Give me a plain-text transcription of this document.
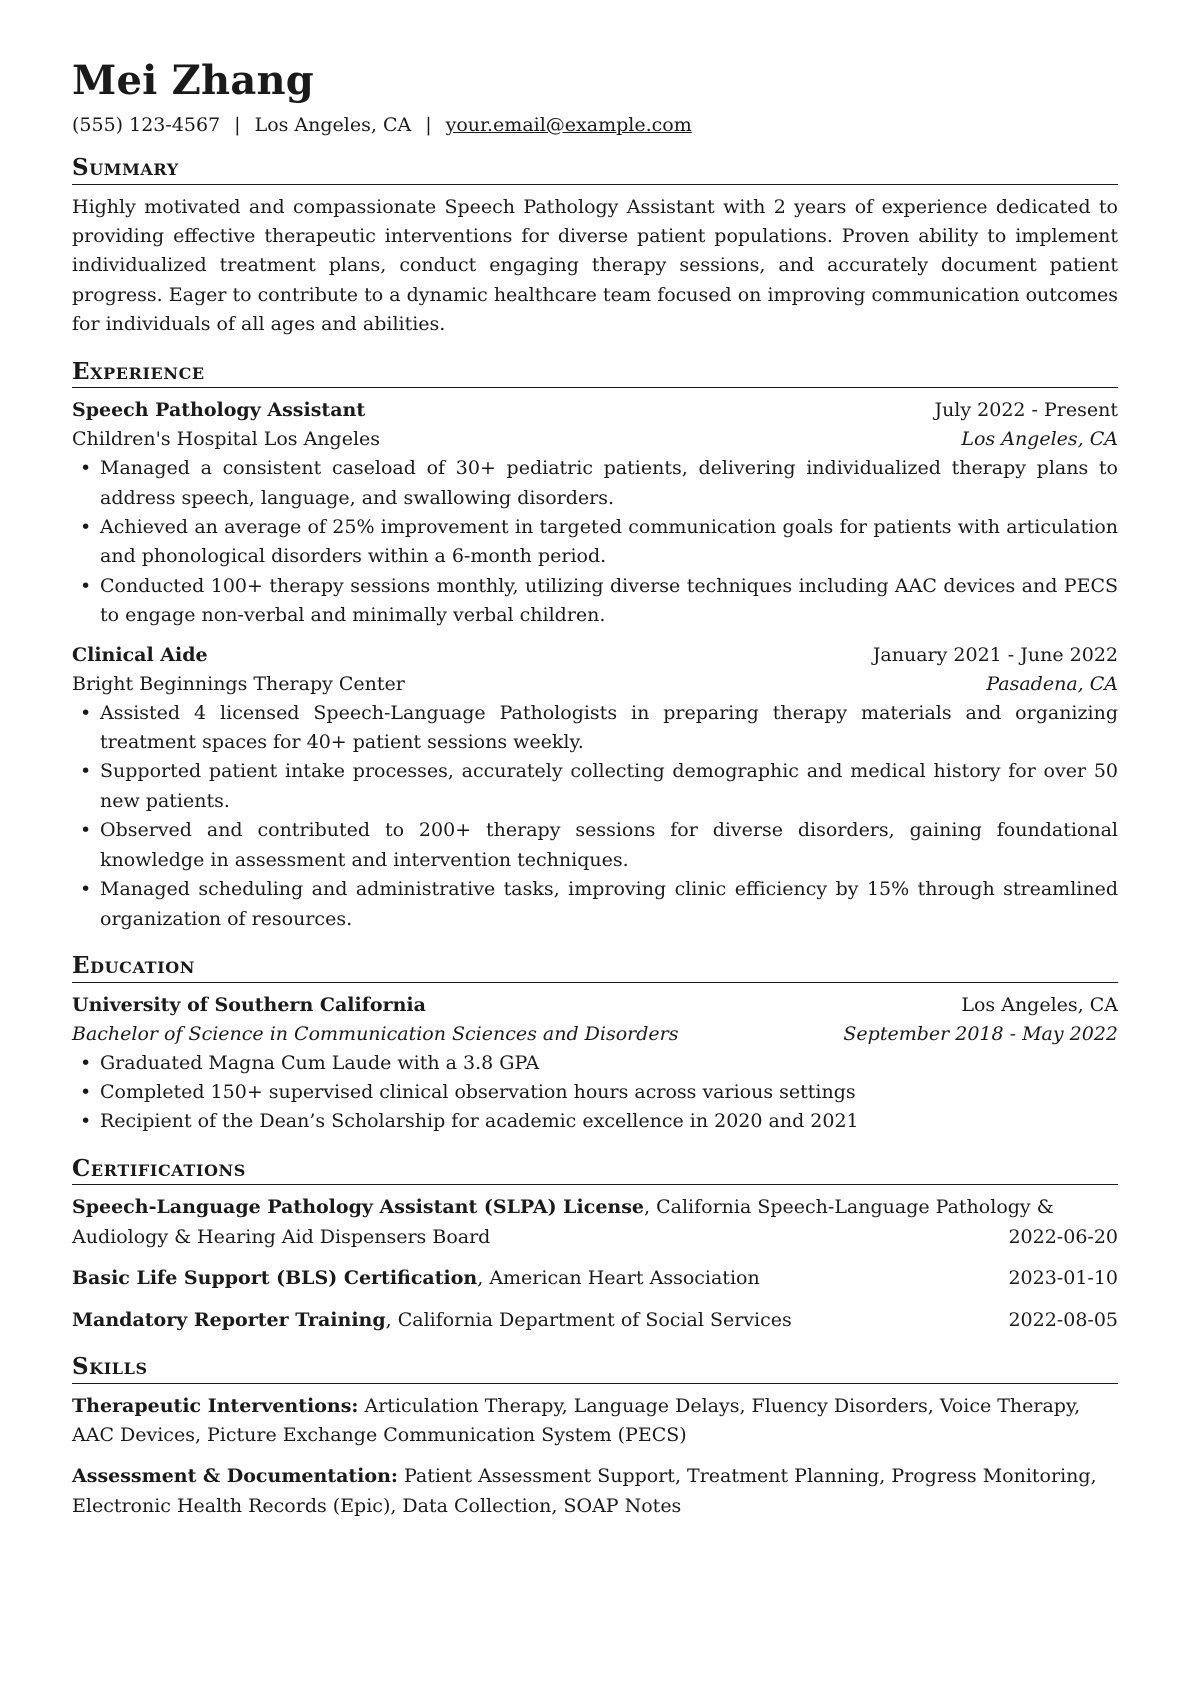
Mei Zhang
(555) 123-4567 | Los Angeles, CA | your.email@example.com
Summary

Highly motivated and compassionate Speech Pathology Assistant with 2 years of experience dedicated to providing effective therapeutic interventions for diverse patient populations. Proven ability to implement individualized treatment plans, conduct engaging therapy sessions, and accurately document patient progress. Eager to contribute to a dynamic healthcare team focused on improving communication outcomes for individuals of all ages and abilities.

Experience
Speech Pathology Assistant	July 2022 - Present
Children's Hospital Los Angeles	Los Angeles, CA
• Managed a consistent caseload of 30+ pediatric patients, delivering individualized therapy plans to address speech, language, and swallowing disorders.
• Achieved an average of 25% improvement in targeted communication goals for patients with articulation and phonological disorders within a 6-month period.
• Conducted 100+ therapy sessions monthly, utilizing diverse techniques including AAC devices and PECS to engage non-verbal and minimally verbal children.
Clinical Aide	January 2021 - June 2022
Bright Beginnings Therapy Center	Pasadena, CA
• Assisted 4 licensed Speech-Language Pathologists in preparing therapy materials and organizing treatment spaces for 40+ patient sessions weekly.
• Supported patient intake processes, accurately collecting demographic and medical history for over 50 new patients.
• Observed and contributed to 200+ therapy sessions for diverse disorders, gaining foundational knowledge in assessment and intervention techniques.
• Managed scheduling and administrative tasks, improving clinic efficiency by 15% through streamlined organization of resources.
Education
University of Southern California	Los Angeles, CA
Bachelor of Science in Communication Sciences and Disorders	September 2018 - May 2022
• Graduated Magna Cum Laude with a 3.8 GPA
• Completed 150+ supervised clinical observation hours across various settings
• Recipient of the Dean’s Scholarship for academic excellence in 2020 and 2021
Certifications
Speech-Language Pathology Assistant (SLPA) License, California Speech-Language Pathology &
Audiology & Hearing Aid Dispensers Board	2022-06-20
Basic Life Support (BLS) Certification, American Heart Association	2023-01-10
Mandatory Reporter Training, California Department of Social Services	2022-08-05
Skills
Therapeutic Interventions: Articulation Therapy, Language Delays, Fluency Disorders, Voice Therapy, AAC Devices, Picture Exchange Communication System (PECS)
Assessment & Documentation: Patient Assessment Support, Treatment Planning, Progress Monitoring, Electronic Health Records (Epic), Data Collection, SOAP Notes
